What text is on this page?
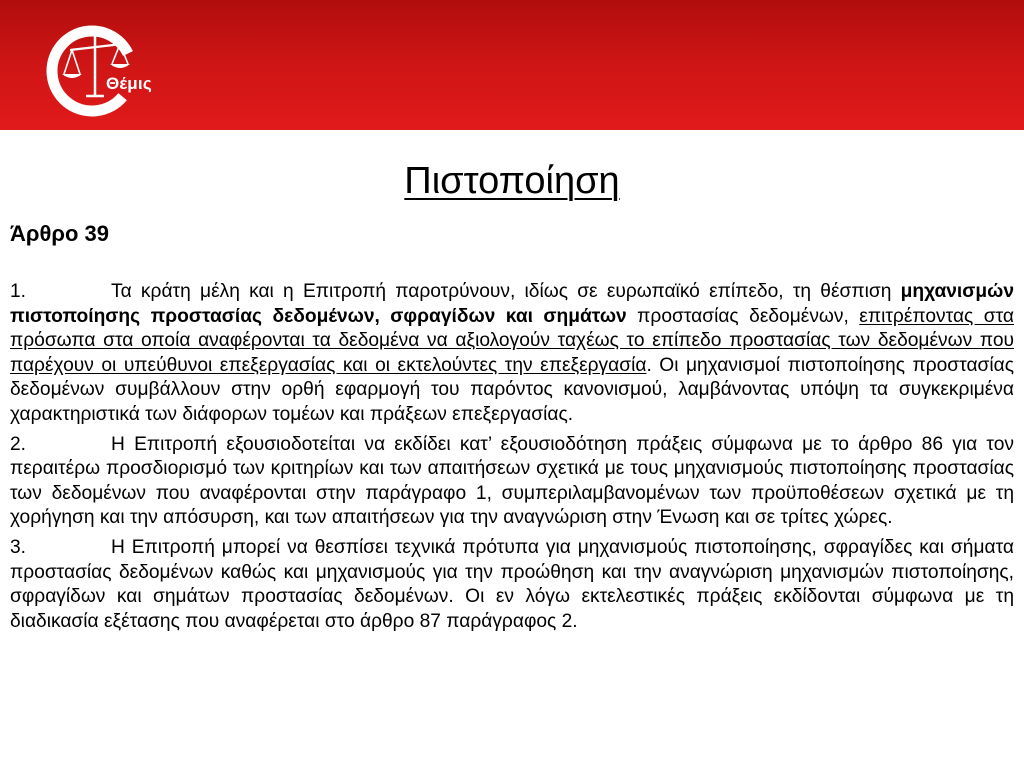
Θέμις
Πιστοποίηση
Άρθρο 39

1.	Τα κράτη μέλη και η Επιτροπή παροτρύνουν, ιδίως σε ευρωπαϊκό επίπεδο, τη θέσπιση μηχανισμών πιστοποίησης προστασίας δεδομένων, σφραγίδων και σημάτων προστασίας δεδομένων, επιτρέποντας στα πρόσωπα στα οποία αναφέρονται τα δεδομένα να αξιολογούν ταχέως το επίπεδο προστασίας των δεδομένων που παρέχουν οι υπεύθυνοι επεξεργασίας και οι εκτελούντες την επεξεργασία. Οι μηχανισμοί πιστοποίησης προστασίας δεδομένων συμβάλλουν στην ορθή εφαρμογή του παρόντος κανονισμού, λαμβάνοντας υπόψη τα συγκεκριμένα χαρακτηριστικά των διάφορων τομέων και πράξεων επεξεργασίας.

2.	Η Επιτροπή εξουσιοδοτείται να εκδίδει κατ’ εξουσιοδότηση πράξεις σύμφωνα με το άρθρο 86 για τον περαιτέρω προσδιορισμό των κριτηρίων και των απαιτήσεων σχετικά με τους μηχανισμούς πιστοποίησης προστασίας των δεδομένων που αναφέρονται στην παράγραφο 1, συμπεριλαμβανομένων των προϋποθέσεων σχετικά με τη χορήγηση και την απόσυρση, και των απαιτήσεων για την αναγνώριση στην Ένωση και σε τρίτες χώρες.

3.	Η Επιτροπή μπορεί να θεσπίσει τεχνικά πρότυπα για μηχανισμούς πιστοποίησης, σφραγίδες και σήματα προστασίας δεδομένων καθώς και μηχανισμούς για την προώθηση και την αναγνώριση μηχανισμών πιστοποίησης, σφραγίδων και σημάτων προστασίας δεδομένων. Οι εν λόγω εκτελεστικές πράξεις εκδίδονται σύμφωνα με τη διαδικασία εξέτασης που αναφέρεται στο άρθρο 87 παράγραφος 2.
